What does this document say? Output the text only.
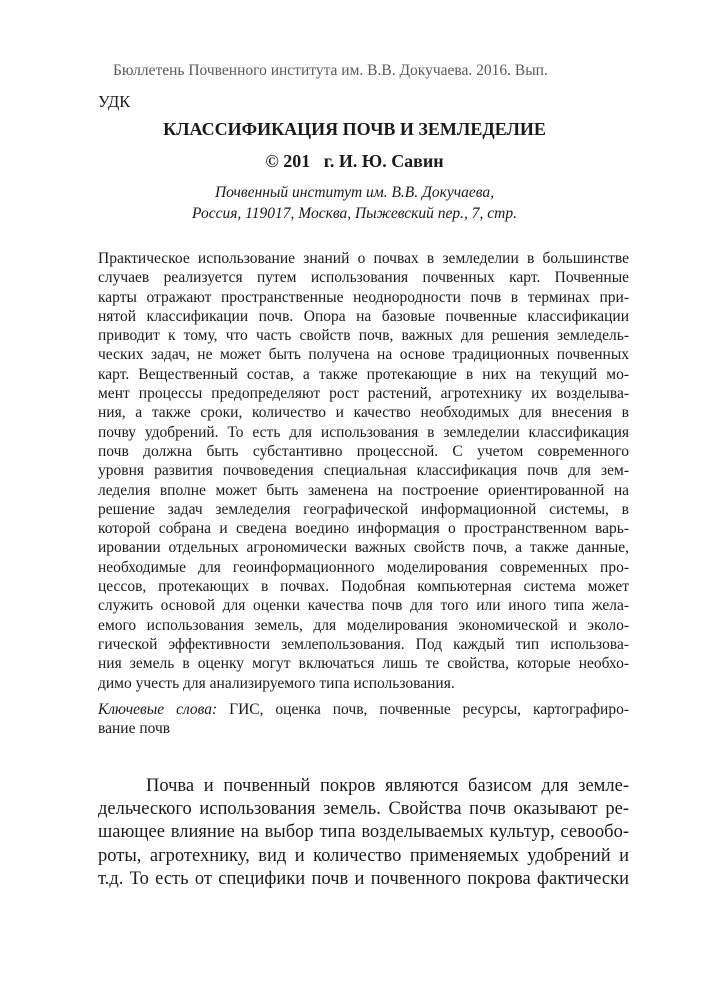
Бюллетень Почвенного института им. В.В. Докучаева. 2016. Вып.
УДК
КЛАССИФИКАЦИЯ ПОЧВ И ЗЕМЛЕДЕЛИЕ
© 201   г. И. Ю. Савин
Почвенный институт им. В.В. Докучаева,
Россия, 119017, Москва, Пыжевский пер., 7, стр.
Практическое использование знаний о почвах в земледелии в большинстве
случаев реализуется путем использования почвенных карт. Почвенные
карты отражают пространственные неоднородности почв в терминах при-
нятой классификации почв. Опора на базовые почвенные классификации
приводит к тому, что часть свойств почв, важных для решения земледель-
ческих задач, не может быть получена на основе традиционных почвенных
карт. Вещественный состав, а также протекающие в них на текущий мо-
мент процессы предопределяют рост растений, агротехнику их возделыва-
ния, а также сроки, количество и качество необходимых для внесения в
почву удобрений. То есть для использования в земледелии классификация
почв должна быть субстантивно процессной. С учетом современного
уровня развития почвоведения специальная классификация почв для зем-
леделия вполне может быть заменена на построение ориентированной на
решение задач земледелия географической информационной системы, в
которой собрана и сведена воедино информация о пространственном варь-
ировании отдельных агрономически важных свойств почв, а также данные,
необходимые для геоинформационного моделирования современных про-
цессов, протекающих в почвах. Подобная компьютерная система может
служить основой для оценки качества почв для того или иного типа жела-
емого использования земель, для моделирования экономической и эколо-
гической эффективности землепользования. Под каждый тип использова-
ния земель в оценку могут включаться лишь те свойства, которые необхо-
димо учесть для анализируемого типа использования.
Ключевые слова: ГИС, оценка почв, почвенные ресурсы, картографиро-
вание почв
Почва и почвенный покров являются базисом для земле-
дельческого использования земель. Свойства почв оказывают ре-
шающее влияние на выбор типа возделываемых культур, севообо-
роты, агротехнику, вид и количество применяемых удобрений и
т.д. То есть от специфики почв и почвенного покрова фактически
